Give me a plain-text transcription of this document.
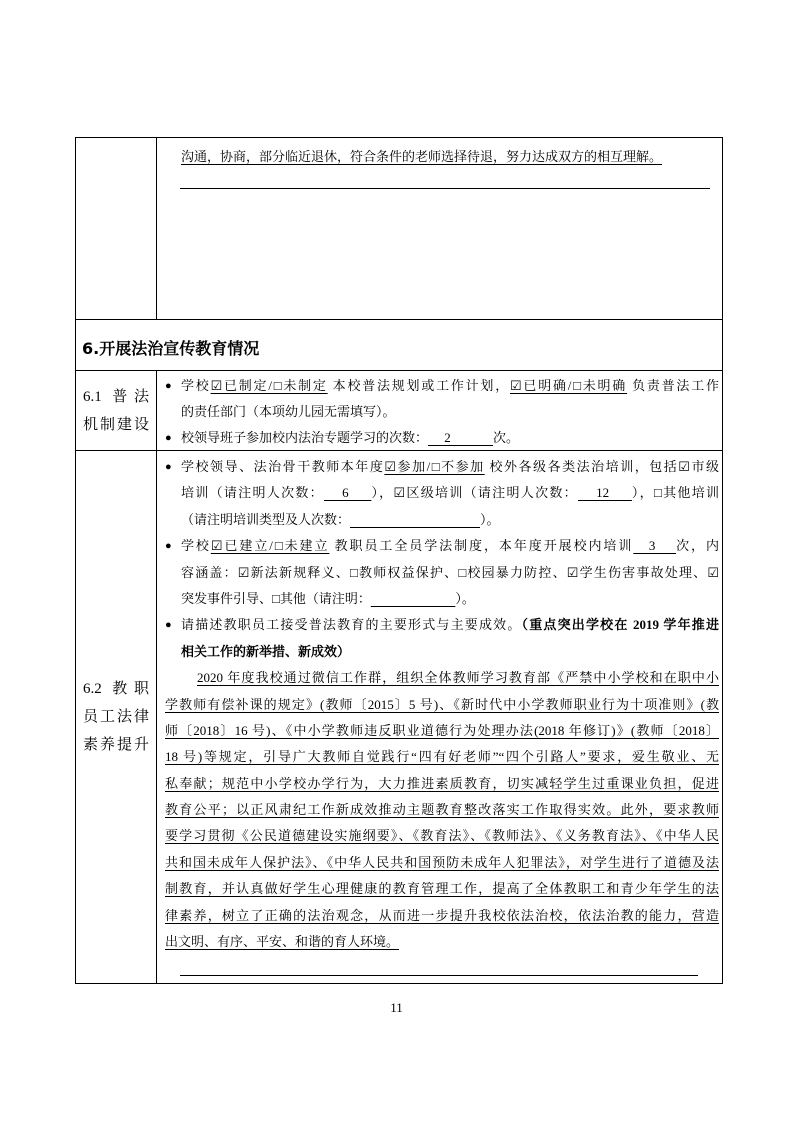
沟通，协商，部分临近退休，符合条件的老师选择待退，努力达成双方的相互理解。
6.开展法治宣传教育情况
6.1 普法
机制建设
● 学校☑已制定/□未制定 本校普法规划或工作计划，☑已明确/□未明确 负责普法工作
的责任部门（本项幼儿园无需填写）。
● 校领导班子参加校内法治专题学习的次数：     2             次。
6.2 教职
员工法律
素养提升
● 学校领导、法治骨干教师本年度☑参加/□不参加 校外各级各类法治培训，包括☑市级
培训（请注明人次数：    6     ），☑区级培训（请注明人次数：    12     ），□其他培训
（请注明培训类型及人次数：	）。
● 学校☑已建立/□未建立 教职员工全员学法制度，本年度开展校内培训   3    次，内
容涵盖：☑新法新规释义、□教师权益保护、□校园暴力防控、☑学生伤害事故处理、☑
突发事件引导、□其他（请注明：	）。
● 请描述教职员工接受普法教育的主要形式与主要成效。（重点突出学校在 2019 学年推进
相关工作的新举措、新成效）
2020 年度我校通过微信工作群，组织全体教师学习教育部《严禁中小学校和在职中小
学教师有偿补课的规定》(教师〔2015〕5 号)、《新时代中小学教师职业行为十项准则》(教
师〔2018〕16 号)、《中小学教师违反职业道德行为处理办法(2018 年修订)》(教师〔2018〕
18 号)等规定，引导广大教师自觉践行“四有好老师”“四个引路人”要求，爱生敬业、无
私奉献；规范中小学校办学行为，大力推进素质教育，切实减轻学生过重课业负担，促进
教育公平；以正风肃纪工作新成效推动主题教育整改落实工作取得实效。此外，要求教师
要学习贯彻《公民道德建设实施纲要》、《教育法》、《教师法》、《义务教育法》、《中华人民
共和国未成年人保护法》、《中华人民共和国预防未成年人犯罪法》，对学生进行了道德及法
制教育，并认真做好学生心理健康的教育管理工作，提高了全体教职工和青少年学生的法
律素养，树立了正确的法治观念，从而进一步提升我校依法治校，依法治教的能力，营造
出文明、有序、平安、和谐的育人环境。
11
